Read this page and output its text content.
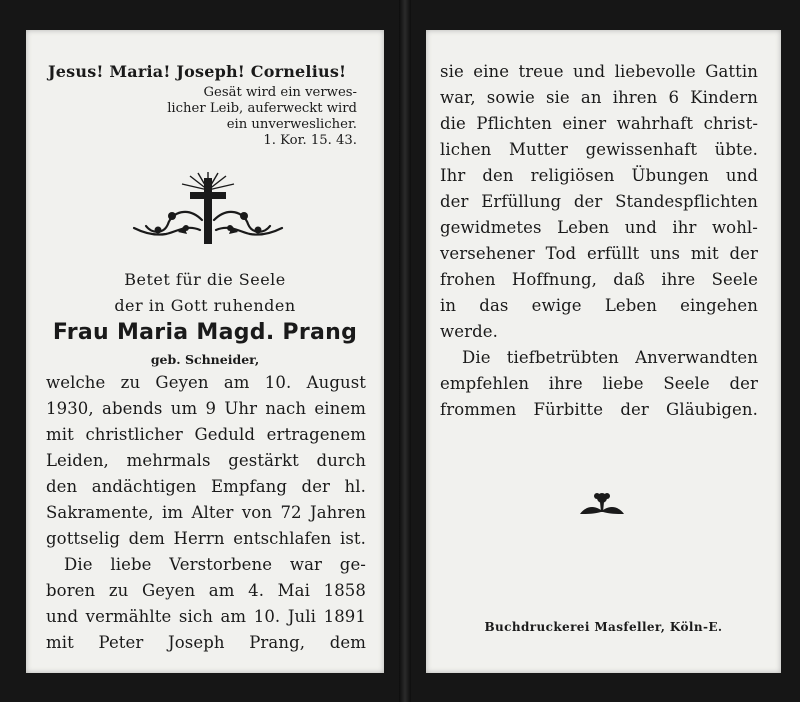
Jesus! Maria! Joseph! Cornelius!
Gesät wird ein verwes-
licher Leib, auferweckt wird
ein unverweslicher.
1. Kor. 15. 43.
Betet für die Seele
der in Gott ruhenden
Frau Maria Magd. Prang
geb. Schneider,
welche zu Geyen am 10. August
1930, abends um 9 Uhr nach einem
mit christlicher Geduld ertragenem
Leiden, mehrmals gestärkt durch
den andächtigen Empfang der hl.
Sakramente, im Alter von 72 Jahren
gottselig dem Herrn entschlafen ist.
Die liebe Verstorbene war ge-
boren zu Geyen am 4. Mai 1858
und vermählte sich am 10. Juli 1891
mit Peter Joseph Prang, dem
sie eine treue und liebevolle Gattin
war, sowie sie an ihren 6 Kindern
die Pflichten einer wahrhaft christ-
lichen Mutter gewissenhaft übte.
Ihr den religiösen Übungen und
der Erfüllung der Standespflichten
gewidmetes Leben und ihr wohl-
versehener Tod erfüllt uns mit der
frohen Hoffnung, daß ihre Seele
in das ewige Leben eingehen
werde.
Die tiefbetrübten Anverwandten
empfehlen ihre liebe Seele der
frommen Fürbitte der Gläubigen.
Buchdruckerei Masfeller, Köln-E.
